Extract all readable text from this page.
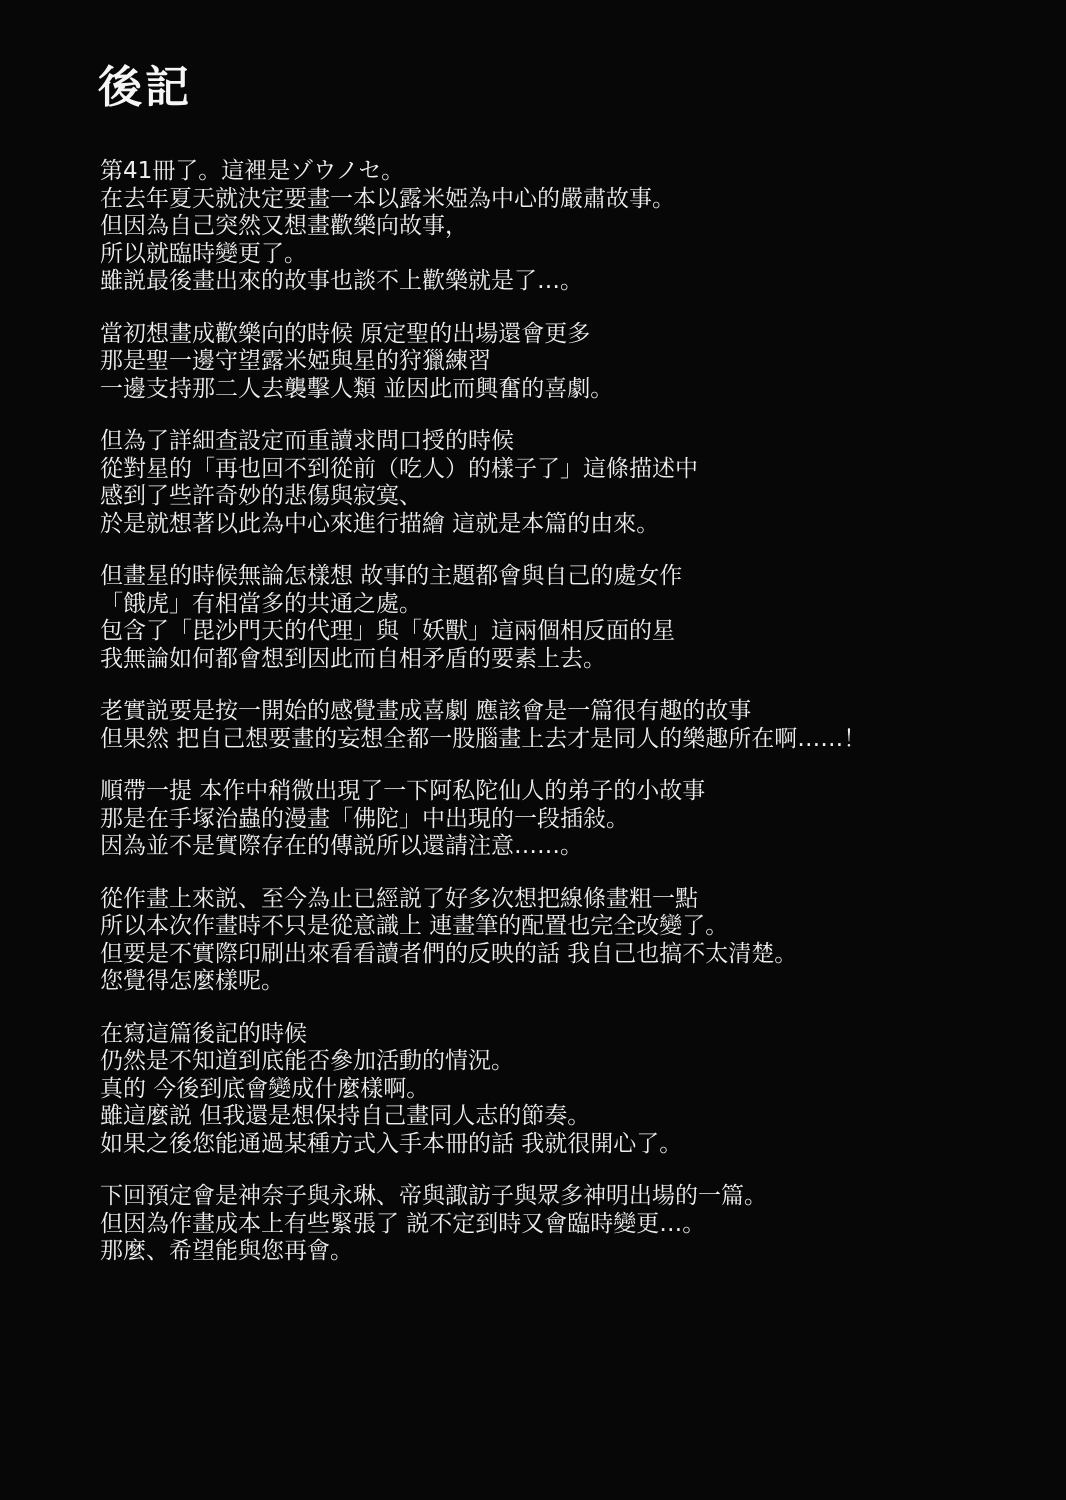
後記
第41冊了。這裡是ゾウノセ。
在去年夏天就決定要畫一本以露米婭為中心的嚴肅故事。
但因為自己突然又想畫歡樂向故事，
所以就臨時變更了。
雖説最後畫出來的故事也談不上歡樂就是了…。
當初想畫成歡樂向的時候 原定聖的出場還會更多
那是聖一邊守望露米婭與星的狩獵練習
一邊支持那二人去襲擊人類 並因此而興奮的喜劇。
但為了詳細查設定而重讀求問口授的時候
從對星的「再也回不到從前（吃人）的樣子了」這條描述中
感到了些許奇妙的悲傷與寂寞、
於是就想著以此為中心來進行描繪 這就是本篇的由來。
但畫星的時候無論怎樣想 故事的主題都會與自己的處女作
「餓虎」有相當多的共通之處。
包含了「毘沙門天的代理」與「妖獸」這兩個相反面的星
我無論如何都會想到因此而自相矛盾的要素上去。
老實説要是按一開始的感覺畫成喜劇 應該會是一篇很有趣的故事
但果然 把自己想要畫的妄想全都一股腦畫上去才是同人的樂趣所在啊……！
順帶一提 本作中稍微出現了一下阿私陀仙人的弟子的小故事
那是在手塚治蟲的漫畫「佛陀」中出現的一段插敍。
因為並不是實際存在的傳説所以還請注意……。
從作畫上來説、至今為止已經説了好多次想把線條畫粗一點
所以本次作畫時不只是從意識上 連畫筆的配置也完全改變了。
但要是不實際印刷出來看看讀者們的反映的話 我自己也搞不太清楚。
您覺得怎麼樣呢。
在寫這篇後記的時候
仍然是不知道到底能否參加活動的情況。
真的 今後到底會變成什麼樣啊。
雖這麼説 但我還是想保持自己畫同人志的節奏。
如果之後您能通過某種方式入手本冊的話 我就很開心了。
下回預定會是神奈子與永琳、帝與諏訪子與眾多神明出場的一篇。
但因為作畫成本上有些緊張了 説不定到時又會臨時變更…。
那麼、希望能與您再會。
